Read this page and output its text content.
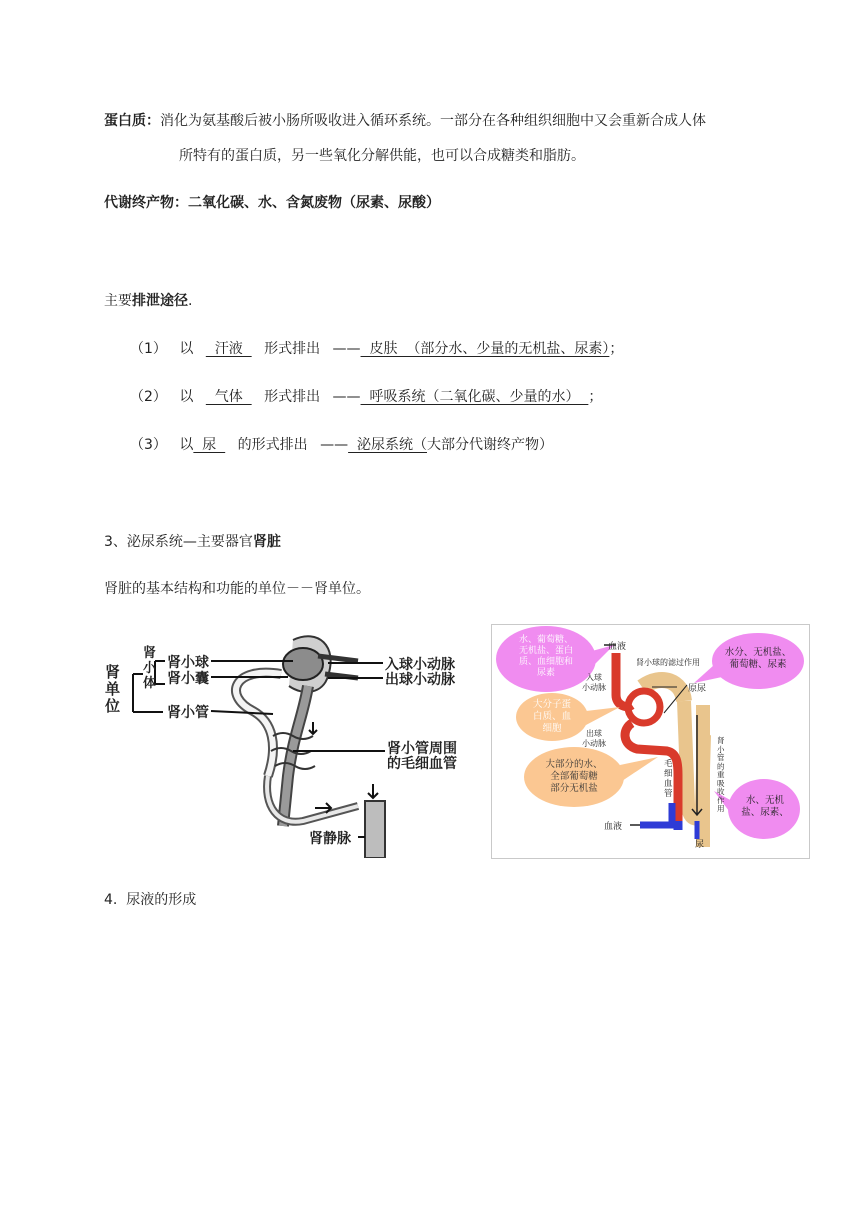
蛋白质：消化为氨基酸后被小肠所吸收进入循环系统。一部分在各种组织细胞中又会重新合成人体
所特有的蛋白质，另一些氧化分解供能，也可以合成糖类和脂肪。
代谢终产物：二氧化碳、水、含氮废物（尿素、尿酸）
主要排泄途径.
（1） 以   汗液   形式排出 ——  皮肤  （部分水、少量的无机盐、尿素）；
（2） 以   气体   形式排出 ——  呼吸系统（二氧化碳、少量的水）  ；
（3） 以  尿   的形式排出 ——  泌尿系统（大部分代谢终产物）
3、泌尿系统—主要器官肾脏
肾脏的基本结构和功能的单位－－肾单位。
肾
单
位
肾
小
体
肾小球
肾小囊
肾小管
入球小动脉
出球小动脉
肾小管周围
的毛细血管
肾静脉
水、葡萄糖、
无机盐、蛋白
质、血细胞和
尿素
水分、无机盐、
葡萄糖、尿素
大分子蛋
白质、血
细胞
大部分的水、
全部葡萄糖
部分无机盐
水、无机
盐、尿素、
血液
血液
肾小球的滤过作用
入球
小动脉
出球
小动脉
原尿
毛
细
血
管
肾
小
管
的
重
吸
收
作
用
尿
4.  尿液的形成
